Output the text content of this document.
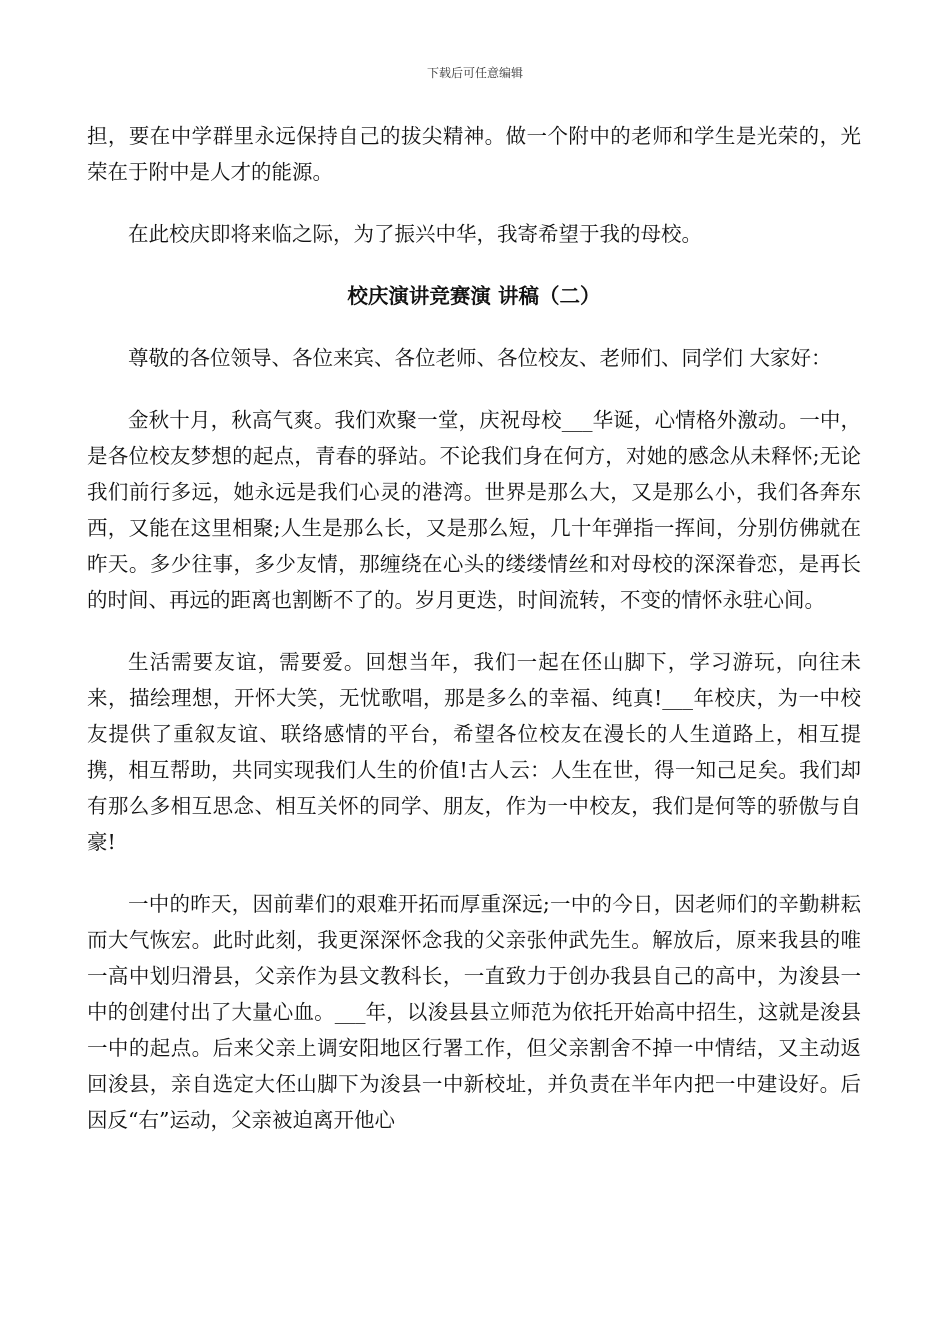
下载后可任意编辑

担，要在中学群里永远保持自己的拔尖精神。做一个附中的老师和学生是光荣的，光荣在于附中是人才的能源。

在此校庆即将来临之际，为了振兴中华，我寄希望于我的母校。

校庆演讲竞赛演 讲稿（二）

尊敬的各位领导、各位来宾、各位老师、各位校友、老师们、同学们 大家好：

金秋十月，秋高气爽。我们欢聚一堂，庆祝母校___华诞，心情格外激动。一中，是各位校友梦想的起点，青春的驿站。不论我们身在何方，对她的感念从未释怀;无论我们前行多远，她永远是我们心灵的港湾。世界是那么大，又是那么小，我们各奔东西，又能在这里相聚;人生是那么长，又是那么短，几十年弹指一挥间，分别仿佛就在昨天。多少往事，多少友情，那缠绕在心头的缕缕情丝和对母校的深深眷恋，是再长的时间、再远的距离也割断不了的。岁月更迭，时间流转，不变的情怀永驻心间。

生活需要友谊，需要爱。回想当年，我们一起在伾山脚下，学习游玩，向往未来，描绘理想，开怀大笑，无忧歌唱，那是多么的幸福、纯真!___年校庆，为一中校友提供了重叙友谊、联络感情的平台，希望各位校友在漫长的人生道路上，相互提携，相互帮助，共同实现我们人生的价值!古人云：人生在世，得一知己足矣。我们却有那么多相互思念、相互关怀的同学、朋友，作为一中校友，我们是何等的骄傲与自豪!

一中的昨天，因前辈们的艰难开拓而厚重深远;一中的今日，因老师们的辛勤耕耘而大气恢宏。此时此刻，我更深深怀念我的父亲张仲武先生。解放后，原来我县的唯一高中划归滑县，父亲作为县文教科长，一直致力于创办我县自己的高中，为浚县一中的创建付出了大量心血。___年，以浚县县立师范为依托开始高中招生，这就是浚县一中的起点。后来父亲上调安阳地区行署工作，但父亲割舍不掉一中情结，又主动返回浚县，亲自选定大伾山脚下为浚县一中新校址，并负责在半年内把一中建设好。后因反“右”运动，父亲被迫离开他心
